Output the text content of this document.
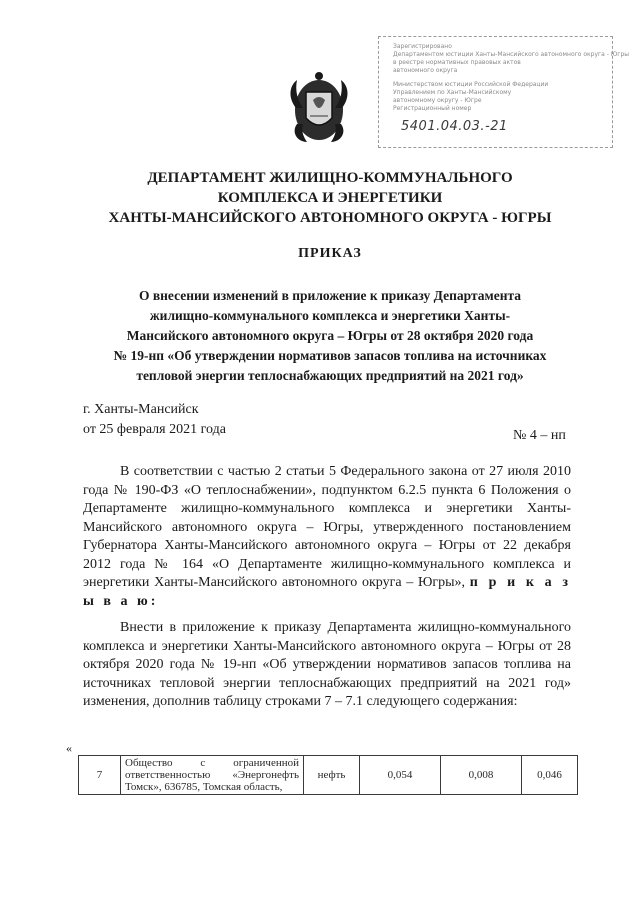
Зарегистрировано
Департаментом юстиции Ханты-Мансийского автономного округа - Югры
в реестре нормативных правовых актов
автономного округа
Министерством юстиции Российской Федерации
Управлением по Ханты-Мансийскому
автономному округу - Югре
Регистрационный номер
5401.04.03.-21
ДЕПАРТАМЕНТ ЖИЛИЩНО-КОММУНАЛЬНОГО
КОМПЛЕКСА И ЭНЕРГЕТИКИ
ХАНТЫ-МАНСИЙСКОГО АВТОНОМНОГО ОКРУГА - ЮГРЫ
ПРИКАЗ
О внесении изменений в приложение к приказу Департамента
жилищно-коммунального комплекса и энергетики Ханты-
Мансийского автономного округа – Югры от 28 октября 2020 года
№ 19-нп «Об утверждении нормативов запасов топлива на источниках
тепловой энергии теплоснабжающих предприятий на 2021 год»
г. Ханты-Мансийск
от 25 февраля 2021 года	№ 4 – нп
В соответствии с частью 2 статьи 5 Федерального закона от 27 июля 2010 года № 190-ФЗ «О теплоснабжении», подпунктом 6.2.5 пункта 6 Положения о Департаменте жилищно-коммунального комплекса и энергетики Ханты-Мансийского автономного округа – Югры, утвержденного постановлением Губернатора Ханты-Мансийского автономного округа – Югры от 22 декабря 2012 года № 164 «О Департаменте жилищно-коммунального комплекса и энергетики Ханты-Мансийского автономного округа – Югры», п р и к а з ы в а ю:
Внести в приложение к приказу Департамента жилищно-коммунального комплекса и энергетики Ханты-Мансийского автономного округа – Югры от 28 октября 2020 года № 19-нп «Об утверждении нормативов запасов топлива на источниках тепловой энергии теплоснабжающих предприятий на 2021 год» изменения, дополнив таблицу строками 7 – 7.1 следующего содержания:
«
7	Общество с ограниченной ответственностью «Энергонефть Томск», 636785, Томская область,	нефть	0,054	0,008	0,046
